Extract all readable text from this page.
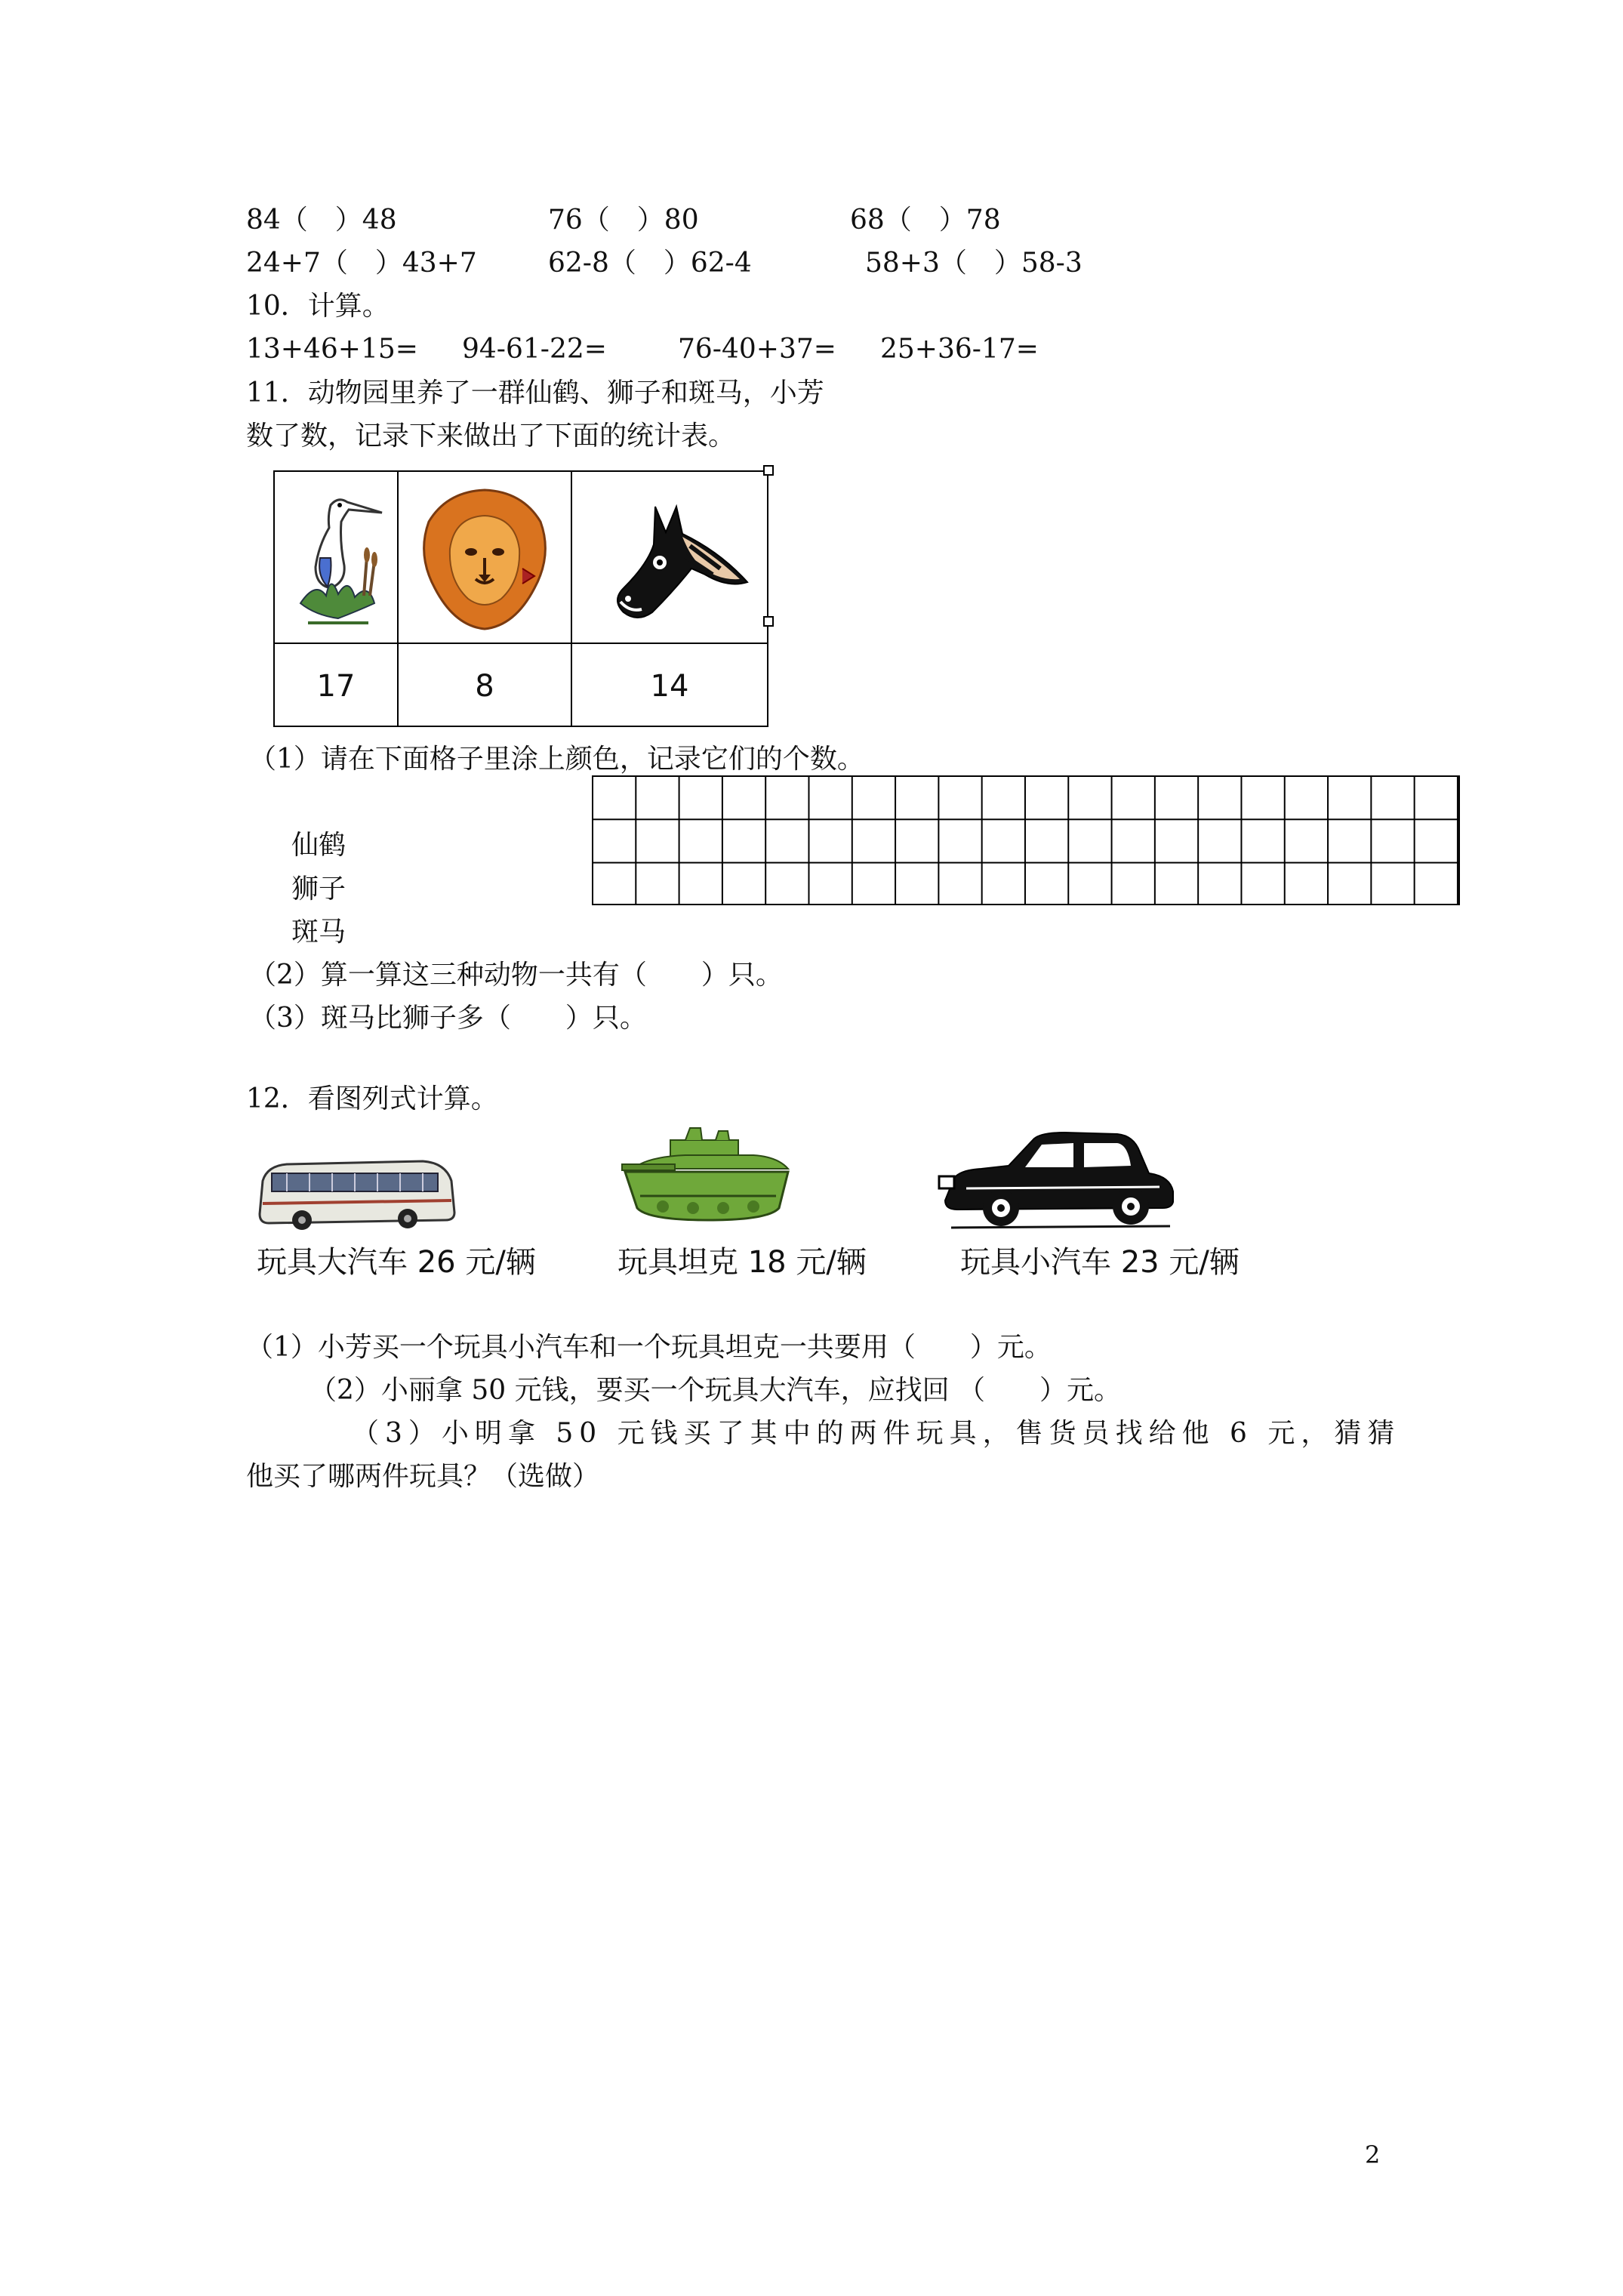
84（　）48	76（　）80	68（　）78
24+7（　）43+7	62-8（　）62-4	58+3（　）58-3
10．计算。
13+46+15= 94-61-22=	76-40+37= 25+36-17=
11．动物园里养了一群仙鹤、狮子和斑马，小芳
数了数，记录下来做出了下面的统计表。
17	8	14
（1）请在下面格子里涂上颜色，记录它们的个数。
仙鹤
狮子
斑马
（2）算一算这三种动物一共有（　　）只。
（3）斑马比狮子多（　　）只。
12．看图列式计算。
玩具大汽车 26 元/辆	玩具坦克 18 元/辆	玩具小汽车 23 元/辆
（1）小芳买一个玩具小汽车和一个玩具坦克一共要用（　　）元。
（2）小丽拿 50 元钱，要买一个玩具大汽车，应找回 （　　）元。
（3）小明拿 50 元钱买了其中的两件玩具，售货员找给他 6 元，猜猜
他买了哪两件玩具？（选做）
2
